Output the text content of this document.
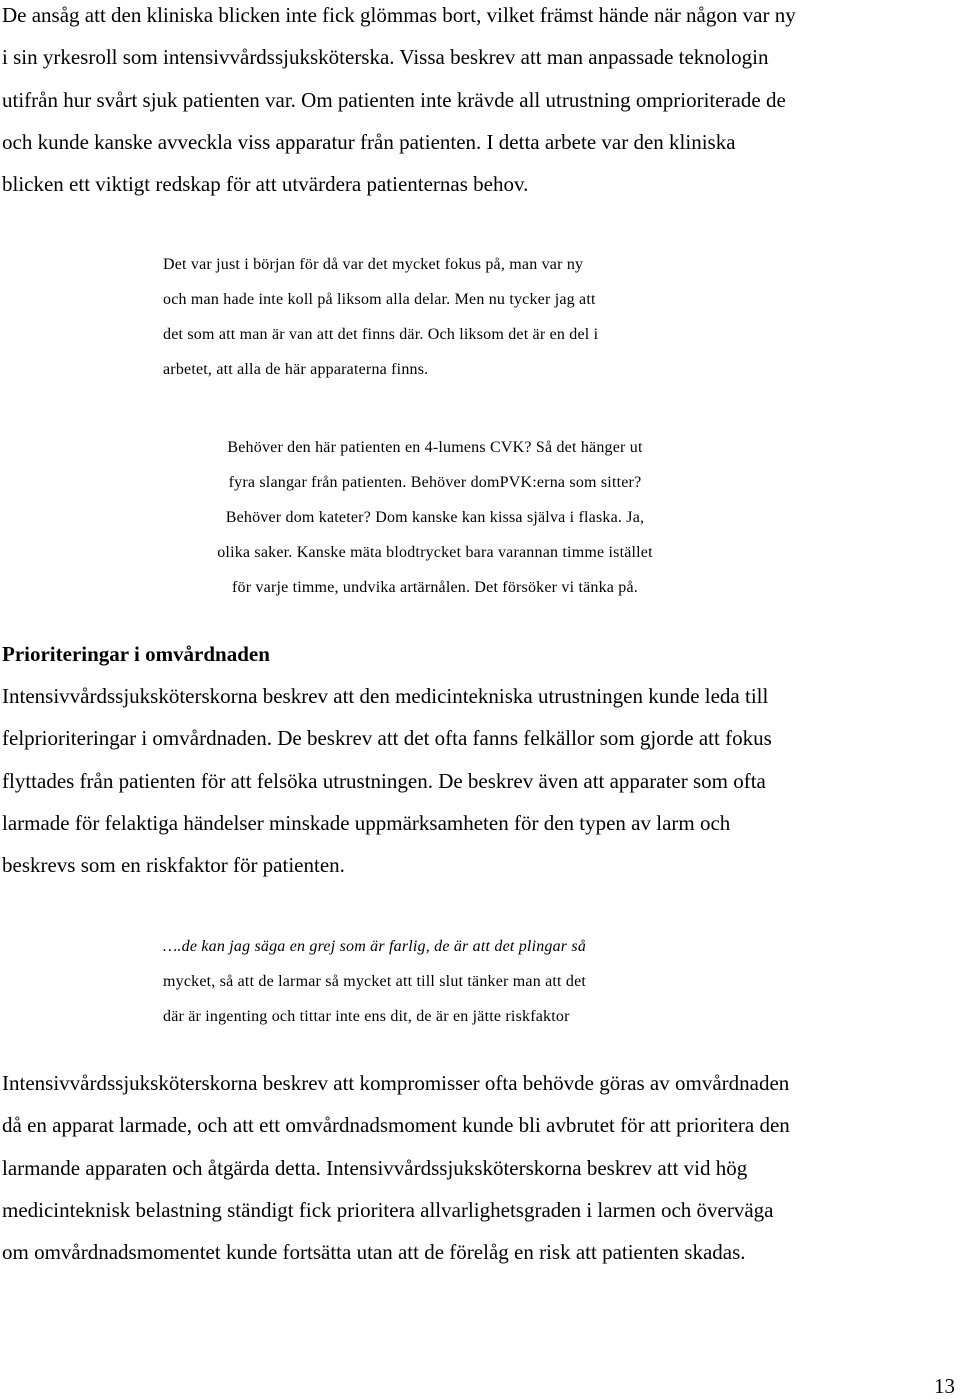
De ansåg att den kliniska blicken inte fick glömmas bort, vilket främst hände när någon var ny
i sin yrkesroll som intensivvårdssjuksköterska. Vissa beskrev att man anpassade teknologin
utifrån hur svårt sjuk patienten var. Om patienten inte krävde all utrustning omprioriterade de
och kunde kanske avveckla viss apparatur från patienten. I detta arbete var den kliniska
blicken ett viktigt redskap för att utvärdera patienternas behov.
Det var just i början för då var det mycket fokus på, man var ny
och man hade inte koll på liksom alla delar. Men nu tycker jag att
det som att man är van att det finns där. Och liksom det är en del i
arbetet, att alla de här apparaterna finns.
Behöver den här patienten en 4-lumens CVK? Så det hänger ut
fyra slangar från patienten. Behöver domPVK:erna som sitter?
Behöver dom kateter? Dom kanske kan kissa själva i flaska. Ja,
olika saker. Kanske mäta blodtrycket bara varannan timme istället
för varje timme, undvika artärnålen. Det försöker vi tänka på.
Prioriteringar i omvårdnaden
Intensivvårdssjuksköterskorna beskrev att den medicintekniska utrustningen kunde leda till
felprioriteringar i omvårdnaden. De beskrev att det ofta fanns felkällor som gjorde att fokus
flyttades från patienten för att felsöka utrustningen. De beskrev även att apparater som ofta
larmade för felaktiga händelser minskade uppmärksamheten för den typen av larm och
beskrevs som en riskfaktor för patienten.
….de kan jag säga en grej som är farlig, de är att det plingar så
mycket, så att de larmar så mycket att till slut tänker man att det
där är ingenting och tittar inte ens dit, de är en jätte riskfaktor
Intensivvårdssjuksköterskorna beskrev att kompromisser ofta behövde göras av omvårdnaden
då en apparat larmade, och att ett omvårdnadsmoment kunde bli avbrutet för att prioritera den
larmande apparaten och åtgärda detta. Intensivvårdssjuksköterskorna beskrev att vid hög
medicinteknisk belastning ständigt fick prioritera allvarlighetsgraden i larmen och överväga
om omvårdnadsmomentet kunde fortsätta utan att de förelåg en risk att patienten skadas.
13
